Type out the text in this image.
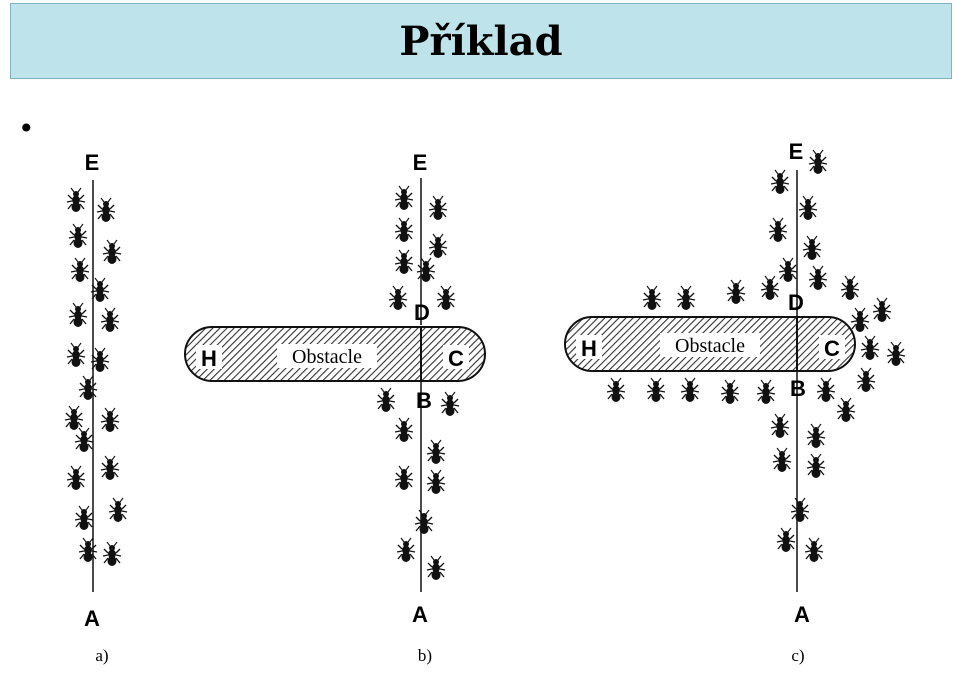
Příklad
•
E
A
a)
Obstacle
H	C
D
B
E
A
b)
Obstacle
H	C
D
B
E
A
c)
